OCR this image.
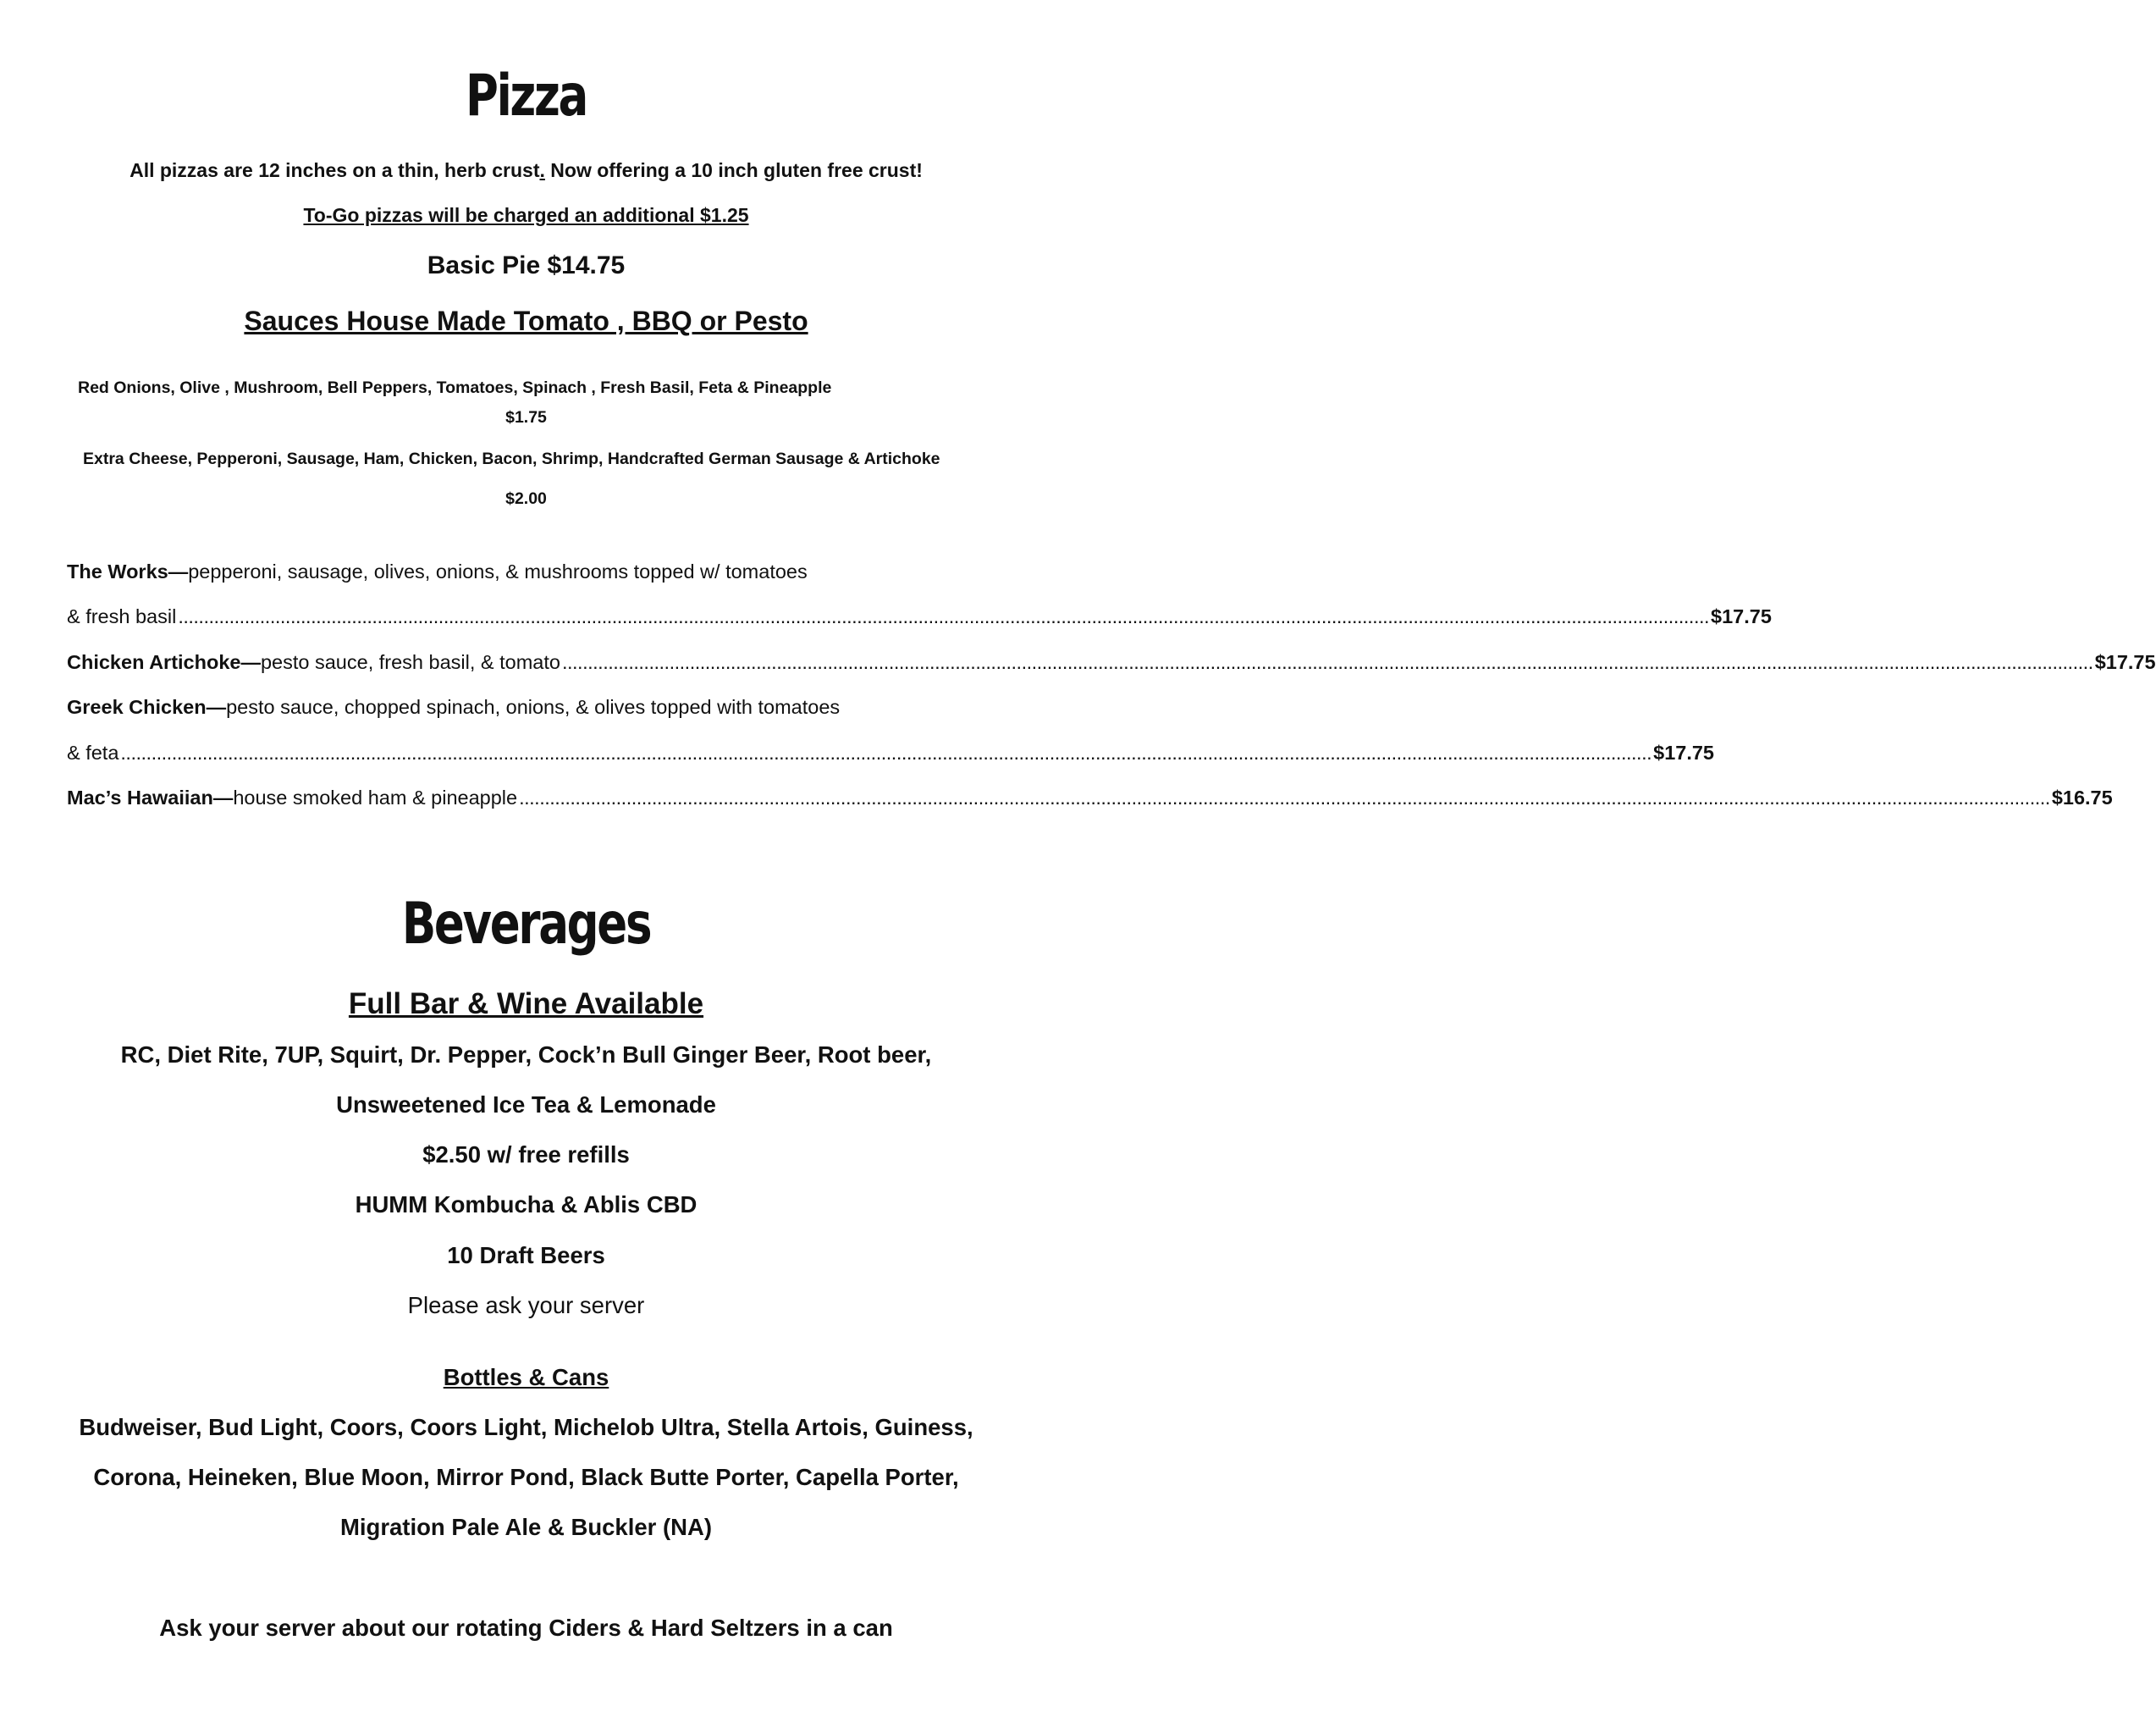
Pizza
All pizzas are 12 inches on a thin, herb crust. Now offering a 10 inch gluten free crust!
To-Go pizzas will be charged an additional $1.25
Basic Pie $14.75
Sauces House Made Tomato , BBQ or Pesto
Red Onions, Olive , Mushroom, Bell Peppers, Tomatoes, Spinach , Fresh Basil, Feta & Pineapple
$1.75
Extra Cheese, Pepperoni, Sausage, Ham, Chicken, Bacon, Shrimp, Handcrafted German Sausage & Artichoke
$2.00
The Works— pepperoni, sausage, olives, onions, & mushrooms topped w/ tomatoes
& fresh basil ............................................................................................................................................................................................................................................................................................................ $17.75
Chicken Artichoke— pesto sauce, fresh basil, & tomato ............................................................................................................................................................................................................................................................................................................ $17.75
Greek Chicken— pesto sauce, chopped spinach, onions, & olives topped with tomatoes
& feta ............................................................................................................................................................................................................................................................................................................ $17.75
Mac’s Hawaiian— house smoked ham & pineapple ............................................................................................................................................................................................................................................................................................................ $16.75
Beverages
Full Bar & Wine Available
RC, Diet Rite, 7UP, Squirt, Dr. Pepper, Cock’n Bull Ginger Beer, Root beer,
Unsweetened Ice Tea & Lemonade
$2.50 w/ free refills
HUMM Kombucha & Ablis CBD
10 Draft Beers
Please ask your server
Bottles & Cans
Budweiser, Bud Light, Coors, Coors Light, Michelob Ultra, Stella Artois, Guiness,
Corona, Heineken, Blue Moon, Mirror Pond, Black Butte Porter, Capella Porter,
Migration Pale Ale & Buckler (NA)
Ask your server about our rotating Ciders & Hard Seltzers in a can
